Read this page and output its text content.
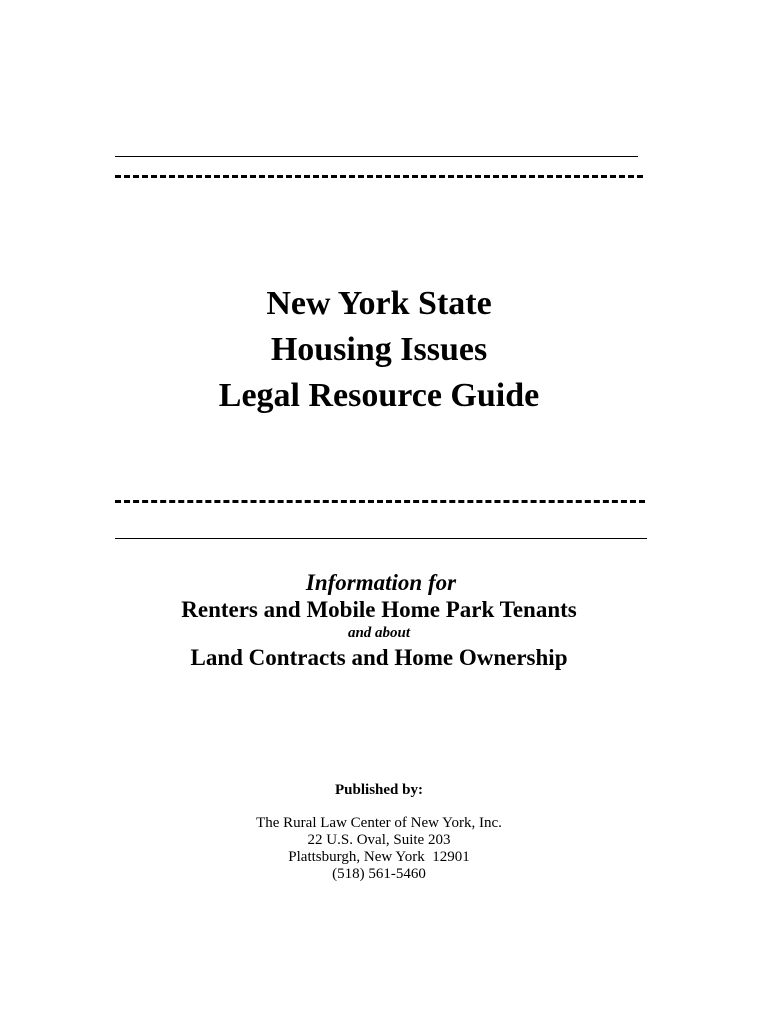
New York State
Housing Issues
Legal Resource Guide
Information for
Renters and Mobile Home Park Tenants
and about
Land Contracts and Home Ownership
Published by:
The Rural Law Center of New York, Inc.
22 U.S. Oval, Suite 203
Plattsburgh, New York  12901
(518) 561-5460
